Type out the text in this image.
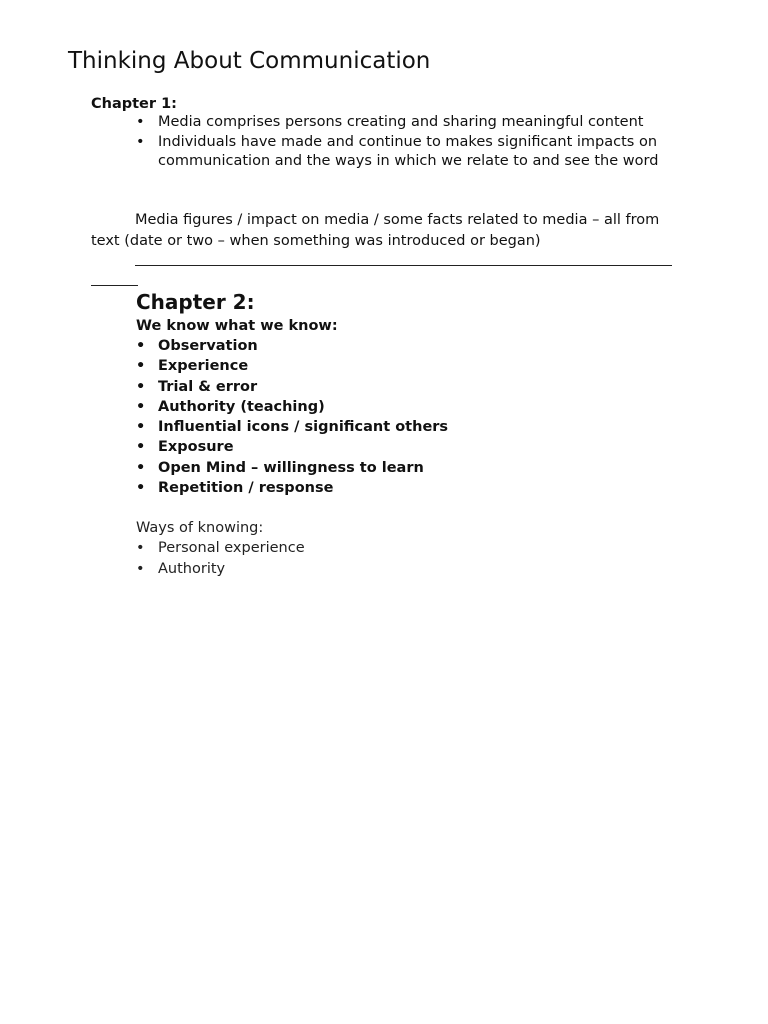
Thinking About Communication
Chapter 1:
• Media comprises persons creating and sharing meaningful content
• Individuals have made and continue to makes significant impacts on communication and the ways in which we relate to and see the word

Media figures / impact on media / some facts related to media – all from text (date or two – when something was introduced or began)

Chapter 2:
We know what we know:
• Observation
• Experience
• Trial & error
• Authority (teaching)
• Influential icons / significant others
• Exposure
• Open Mind – willingness to learn
• Repetition / response
Ways of knowing:
• Personal experience
• Authority
